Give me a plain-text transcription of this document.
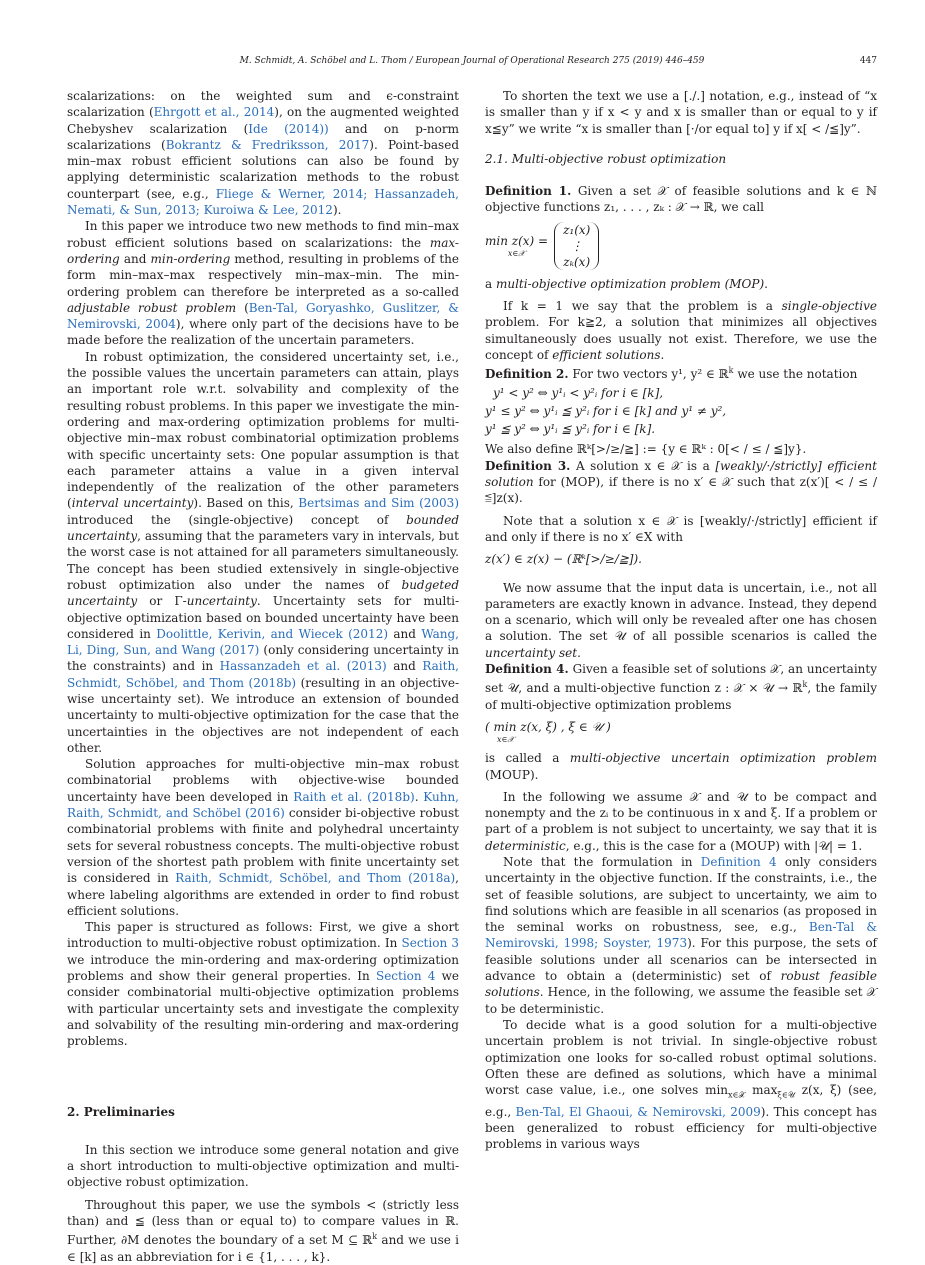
M. Schmidt, A. Schöbel and L. Thom / European Journal of Operational Research 275 (2019) 446–459	447

scalarizations: on the weighted sum and ϵ-constraint scalarization (Ehrgott et al., 2014), on the augmented weighted Chebyshev scalarization (Ide (2014)) and on p-norm scalarizations (Bokrantz & Fredriksson, 2017). Point-based min–max robust efficient solutions can also be found by applying deterministic scalarization methods to the robust counterpart (see, e.g., Fliege & Werner, 2014; Hassanzadeh, Nemati, & Sun, 2013; Kuroiwa & Lee, 2012).

In this paper we introduce two new methods to find min–max robust efficient solutions based on scalarizations: the max-ordering and min-ordering method, resulting in problems of the form min–max–max respectively min–max–min. The min-ordering problem can therefore be interpreted as a so-called adjustable robust problem (Ben-Tal, Goryashko, Guslitzer, & Nemirovski, 2004), where only part of the decisions have to be made before the realization of the uncertain parameters.

In robust optimization, the considered uncertainty set, i.e., the possible values the uncertain parameters can attain, plays an important role w.r.t. solvability and complexity of the resulting robust problems. In this paper we investigate the min-ordering and max-ordering optimization problems for multi-objective min–max robust combinatorial optimization problems with specific uncertainty sets: One popular assumption is that each parameter attains a value in a given interval independently of the realization of the other parameters (interval uncertainty). Based on this, Bertsimas and Sim (2003) introduced the (single-objective) concept of bounded uncertainty, assuming that the parameters vary in intervals, but the worst case is not attained for all parameters simultaneously. The concept has been studied extensively in single-objective robust optimization also under the names of budgeted uncertainty or Γ-uncertainty. Uncertainty sets for multi-objective optimization based on bounded uncertainty have been considered in Doolittle, Kerivin, and Wiecek (2012) and Wang, Li, Ding, Sun, and Wang (2017) (only considering uncertainty in the constraints) and in Hassanzadeh et al. (2013) and Raith, Schmidt, Schöbel, and Thom (2018b) (resulting in an objective-wise uncertainty set). We introduce an extension of bounded uncertainty to multi-objective optimization for the case that the uncertainties in the objectives are not independent of each other.

Solution approaches for multi-objective min–max robust combinatorial problems with objective-wise bounded uncertainty have been developed in Raith et al. (2018b). Kuhn, Raith, Schmidt, and Schöbel (2016) consider bi-objective robust combinatorial problems with finite and polyhedral uncertainty sets for several robustness concepts. The multi-objective robust version of the shortest path problem with finite uncertainty set is considered in Raith, Schmidt, Schöbel, and Thom (2018a), where labeling algorithms are extended in order to find robust efficient solutions.

This paper is structured as follows: First, we give a short introduction to multi-objective robust optimization. In Section 3 we introduce the min-ordering and max-ordering optimization problems and show their general properties. In Section 4 we consider combinatorial multi-objective optimization problems with particular uncertainty sets and investigate the complexity and solvability of the resulting min-ordering and max-ordering problems.

2. Preliminaries

In this section we introduce some general notation and give a short introduction to multi-objective optimization and multi-objective robust optimization.

Throughout this paper, we use the symbols < (strictly less than) and ≦ (less than or equal to) to compare values in ℝ. Further, ∂M denotes the boundary of a set M ⊆ ℝ$^k$ and we use i ∈ [k] as an abbreviation for i ∈ {1, . . . , k}.

To shorten the text we use a [./.] notation, e.g., instead of “x is smaller than y if x < y and x is smaller than or equal to y if x≦y” we write “x is smaller than [·/or equal to] y if x[ < /≦]y”.

2.1. Multi-objective robust optimization

Definition 1. Given a set 𝒳 of feasible solutions and k ∈ ℕ objective functions z₁, . . . , zₖ : 𝒳 → ℝ, we call

min z(x) =
x∈𝒳
z₁(x)
⋮
zₖ(x)

a multi-objective optimization problem (MOP).

If k = 1 we say that the problem is a single-objective problem. For k≧2, a solution that minimizes all objectives simultaneously does usually not exist. Therefore, we use the concept of efficient solutions.

Definition 2. For two vectors y¹, y² ∈ ℝ$^k$ we use the notation

y¹ < y² ⇔ y¹ᵢ < y²ᵢ for i ∈ [k],
y¹ ≤ y² ⇔ y¹ᵢ ≦ y²ᵢ for i ∈ [k] and y¹ ≠ y²,
y¹ ≦ y² ⇔ y¹ᵢ ≦ y²ᵢ for i ∈ [k].

We also define ℝᵏ[>/≥/≧] := {y ∈ ℝᵏ : 0[< / ≤ / ≦]y}.

Definition 3. A solution x ∈ 𝒳 is a [weakly/·/strictly] efficient solution for (MOP), if there is no x′ ∈ 𝒳 such that z(x′)[ < / ≤ /≦]z(x).

Note that a solution x ∈ 𝒳 is [weakly/·/strictly] efficient if and only if there is no x′ ∈X with

z(x′) ∈ z(x) − (ℝᵏ[>/≥/≧]).

We now assume that the input data is uncertain, i.e., not all parameters are exactly known in advance. Instead, they depend on a scenario, which will only be revealed after one has chosen a solution. The set 𝒰 of all possible scenarios is called the uncertainty set.

Definition 4. Given a feasible set of solutions 𝒳, an uncertainty set 𝒰, and a multi-objective function z : 𝒳 × 𝒰 → ℝ$^k$, the family of multi-objective optimization problems

( min z(x, ξ) , ξ ∈ 𝒰 )
x∈𝒳

is called a multi-objective uncertain optimization problem (MOUP).

In the following we assume 𝒳 and 𝒰 to be compact and nonempty and the zᵢ to be continuous in x and ξ. If a problem or part of a problem is not subject to uncertainty, we say that it is deterministic, e.g., this is the case for a (MOUP) with |𝒰| = 1.

Note that the formulation in Definition 4 only considers uncertainty in the objective function. If the constraints, i.e., the set of feasible solutions, are subject to uncertainty, we aim to find solutions which are feasible in all scenarios (as proposed in the seminal works on robustness, see, e.g., Ben-Tal & Nemirovski, 1998; Soyster, 1973). For this purpose, the sets of feasible solutions under all scenarios can be intersected in advance to obtain a (deterministic) set of robust feasible solutions. Hence, in the following, we assume the feasible set 𝒳 to be deterministic.

To decide what is a good solution for a multi-objective uncertain problem is not trivial. In single-objective robust optimization one looks for so-called robust optimal solutions. Often these are defined as solutions, which have a minimal worst case value, i.e., one solves $\min_{x\in 𝒳} \max_{\xi\in 𝒰} z(x$, ξ) (see, e.g., Ben-Tal, El Ghaoui, & Nemirovski, 2009). This concept has been generalized to robust efficiency for multi-objective problems in various ways
